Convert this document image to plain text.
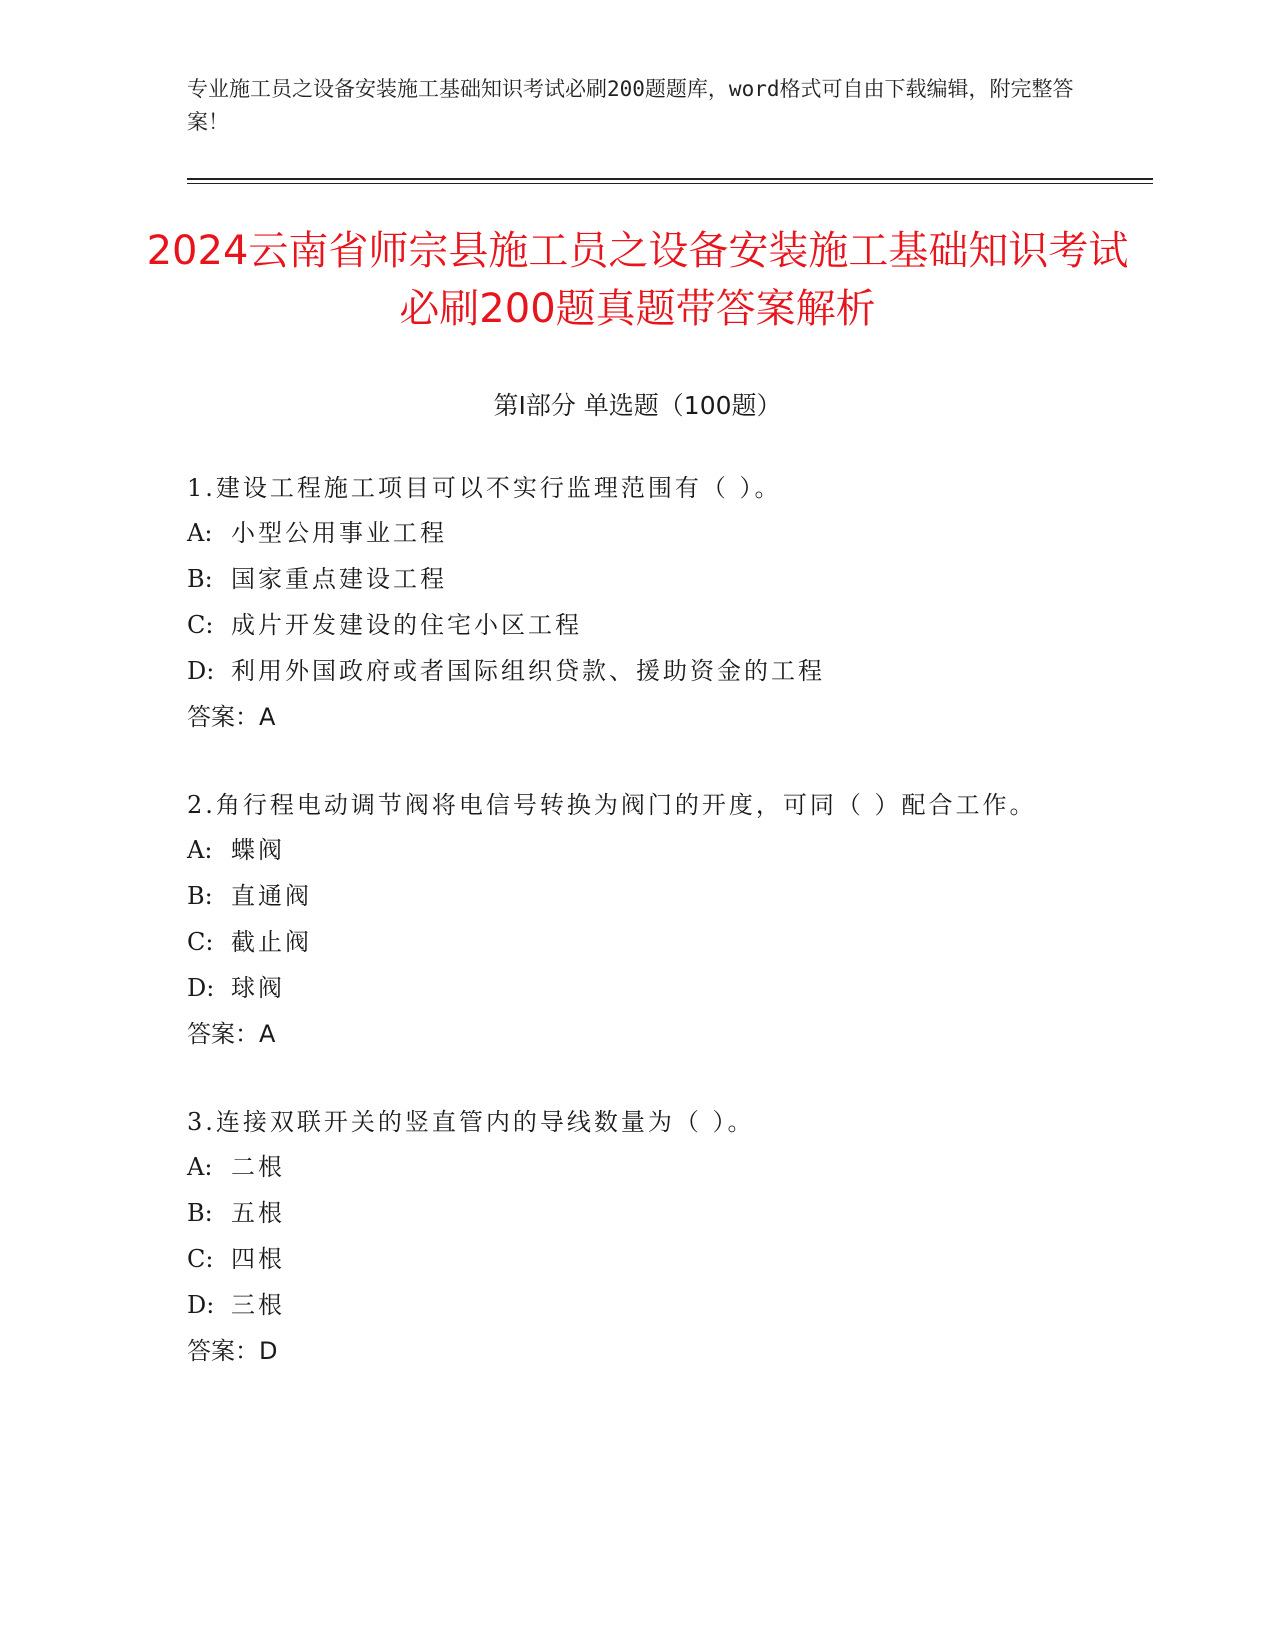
专业施工员之设备安装施工基础知识考试必刷200题题库，word格式可自由下载编辑，附完整答案！
2024云南省师宗县施工员之设备安装施工基础知识考试必刷200题真题带答案解析
第Ⅰ部分 单选题（100题）
1.建设工程施工项目可以不实行监理范围有（ ）。
A: 小型公用事业工程
B: 国家重点建设工程
C: 成片开发建设的住宅小区工程
D: 利用外国政府或者国际组织贷款、援助资金的工程
答案：A
2.角行程电动调节阀将电信号转换为阀门的开度，可同（ ）配合工作。
A: 蝶阀
B: 直通阀
C: 截止阀
D: 球阀
答案：A
3.连接双联开关的竖直管内的导线数量为（ ）。
A: 二根
B: 五根
C: 四根
D: 三根
答案：D
